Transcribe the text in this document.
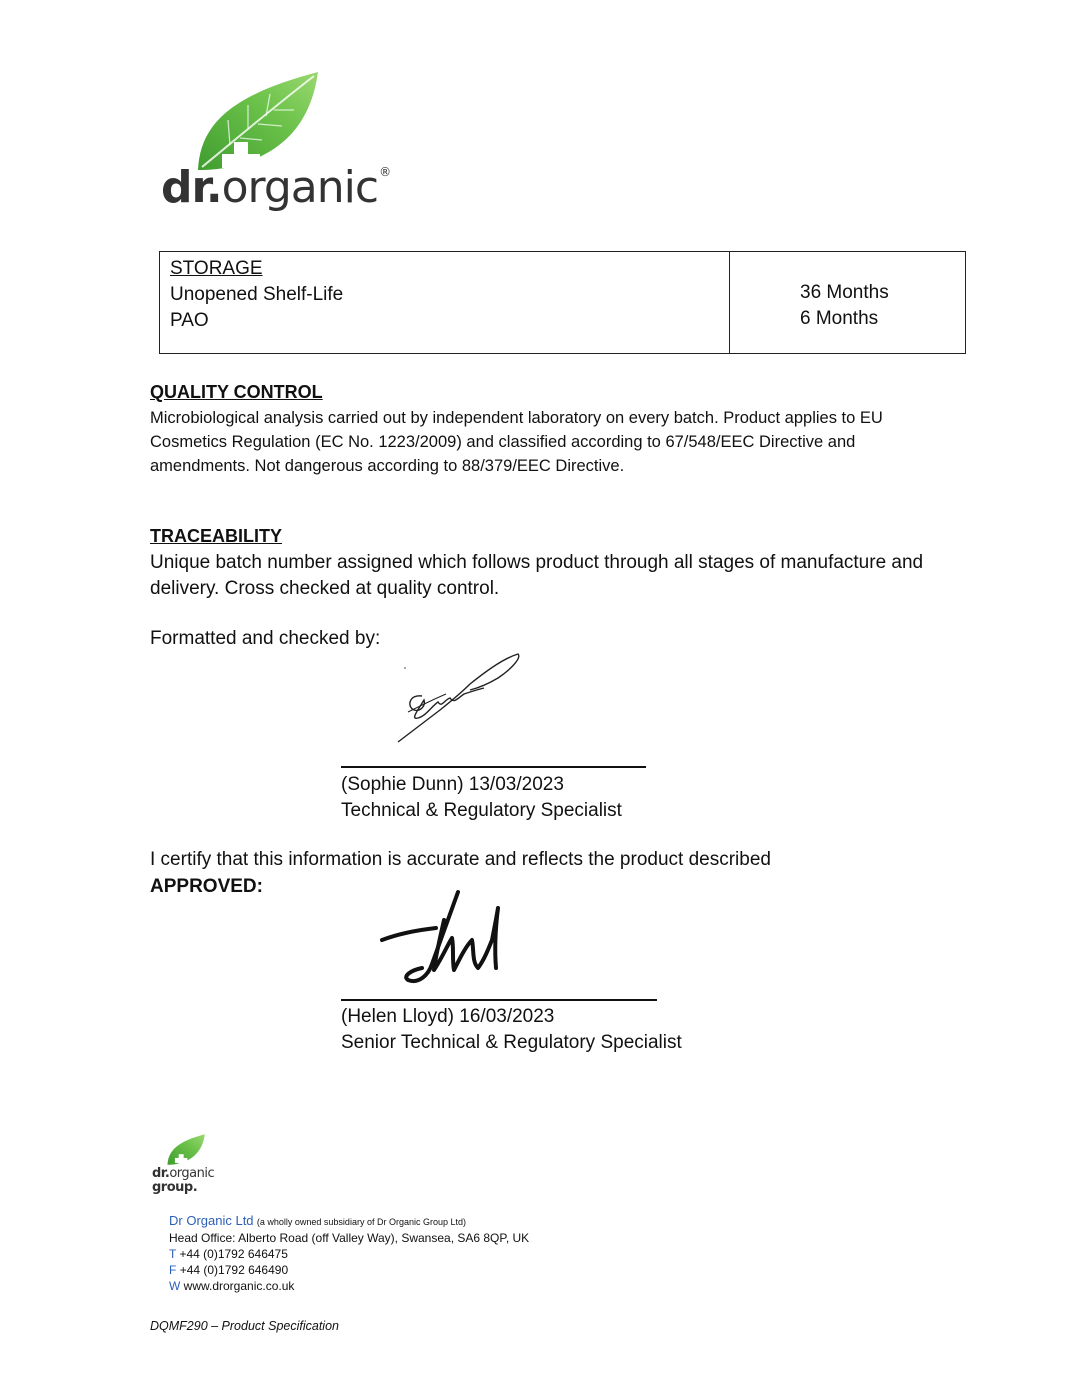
dr.organic®
STORAGE
Unopened Shelf-Life
PAO
36 Months
6 Months
QUALITY CONTROL
Microbiological analysis carried out by independent laboratory on every batch. Product applies to EU Cosmetics Regulation (EC No. 1223/2009) and classified according to 67/548/EEC Directive and amendments. Not dangerous according to 88/379/EEC Directive.
TRACEABILITY
Unique batch number assigned which follows product through all stages of manufacture and delivery. Cross checked at quality control.
Formatted and checked by:
(Sophie Dunn) 13/03/2023
Technical & Regulatory Specialist
I certify that this information is accurate and reflects the product described
APPROVED:
(Helen Lloyd) 16/03/2023
Senior Technical & Regulatory Specialist
dr.organic
group.
Dr Organic Ltd (a wholly owned subsidiary of Dr Organic Group Ltd)
Head Office: Alberto Road (off Valley Way), Swansea, SA6 8QP, UK
T +44 (0)1792 646475
F +44 (0)1792 646490
W www.drorganic.co.uk
DQMF290 – Product Specification
